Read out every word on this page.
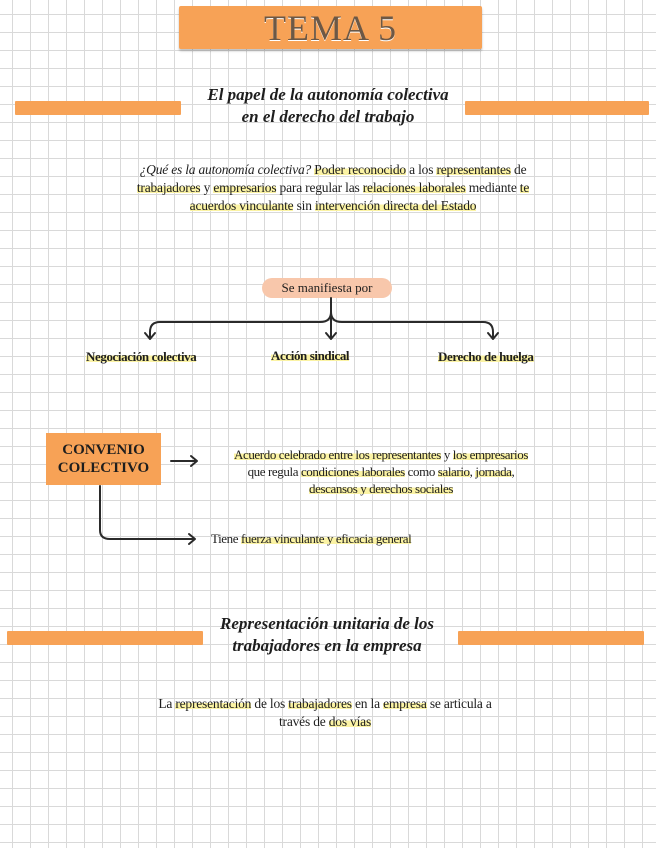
TEMA 5
El papel de la autonomía colectiva
en el derecho del trabajo
¿Qué es la autonomía colectiva? Poder reconocido a los representantes de trabajadores y empresarios para regular las relaciones laborales mediante te acuerdos vinculante sin intervención directa del Estado
Se manifiesta por
Negociación colectiva	Acción sindical	Derecho de huelga
CONVENIO
COLECTIVO
Acuerdo celebrado entre los representantes y los empresarios
que regula condiciones laborales como salario, jornada,
descansos y derechos sociales
Tiene fuerza vinculante y eficacia general
Representación unitaria de los
trabajadores en la empresa
La representación de los trabajadores en la empresa se articula a
través de dos vías
